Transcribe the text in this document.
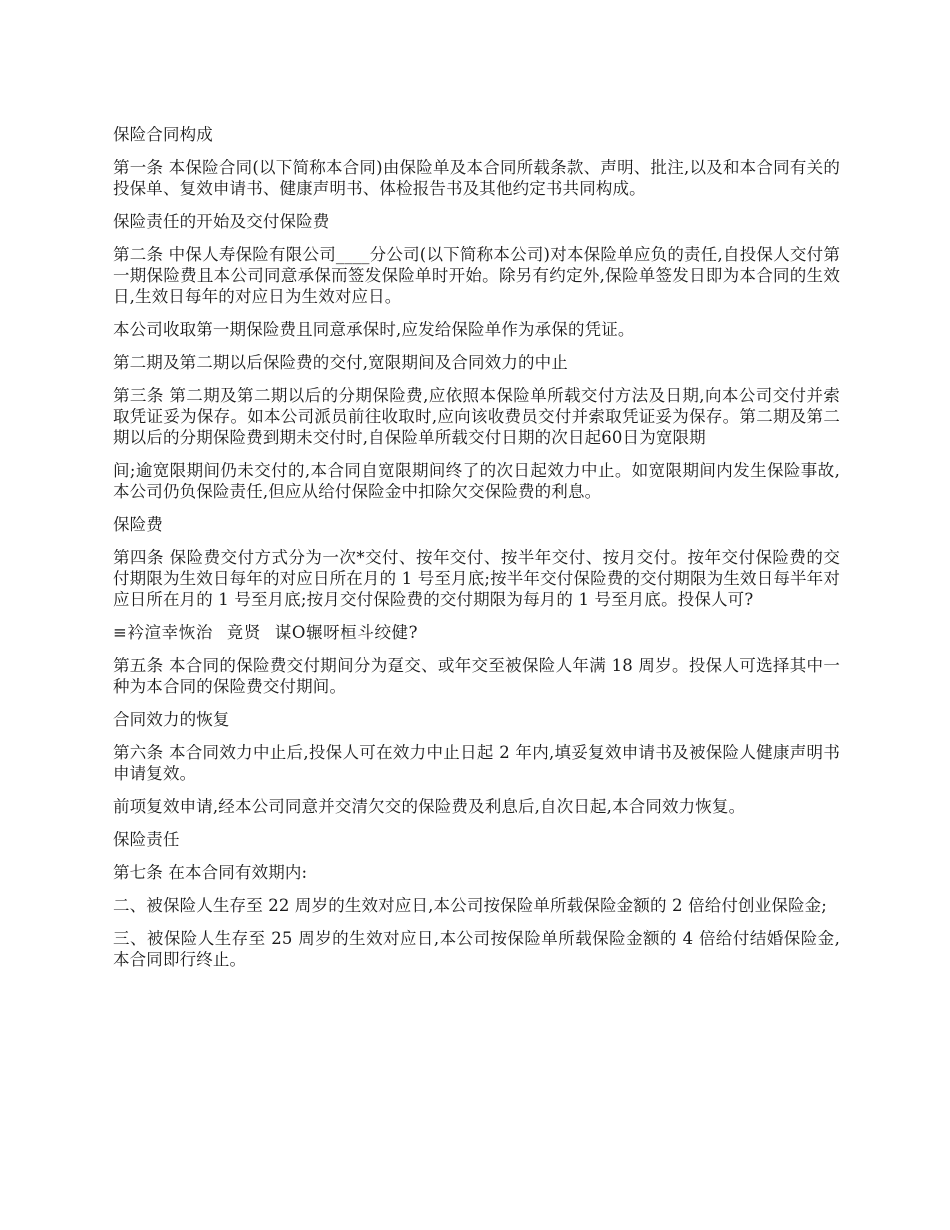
保险合同构成

第一条 本保险合同(以下简称本合同)由保险单及本合同所载条款、声明、批注,以及和本合同有关的投保单、复效申请书、健康声明书、体检报告书及其他约定书共同构成。

保险责任的开始及交付保险费

第二条 中保人寿保险有限公司____分公司(以下简称本公司)对本保险单应负的责任,自投保人交付第一期保险费且本公司同意承保而签发保险单时开始。除另有约定外,保险单签发日即为本合同的生效日,生效日每年的对应日为生效对应日。

本公司收取第一期保险费且同意承保时,应发给保险单作为承保的凭证。

第二期及第二期以后保险费的交付,宽限期间及合同效力的中止

第三条 第二期及第二期以后的分期保险费,应依照本保险单所载交付方法及日期,向本公司交付并索取凭证妥为保存。如本公司派员前往收取时,应向该收费员交付并索取凭证妥为保存。第二期及第二期以后的分期保险费到期未交付时,自保险单所载交付日期的次日起60日为宽限期

间;逾宽限期间仍未交付的,本合同自宽限期间终了的次日起效力中止。如宽限期间内发生保险事故,本公司仍负保险责任,但应从给付保险金中扣除欠交保险费的利息。

保险费

第四条 保险费交付方式分为一次*交付、按年交付、按半年交付、按月交付。按年交付保险费的交付期限为生效日每年的对应日所在月的 1 号至月底;按半年交付保险费的交付期限为生效日每半年对应日所在月的 1 号至月底;按月交付保险费的交付期限为每月的 1 号至月底。投保人可?

≡衿渲幸恢治 竟贤 谋O辗呀桓斗绞健?

第五条 本合同的保险费交付期间分为趸交、或年交至被保险人年满 18 周岁。投保人可选择其中一种为本合同的保险费交付期间。

合同效力的恢复

第六条 本合同效力中止后,投保人可在效力中止日起 2 年内,填妥复效申请书及被保险人健康声明书申请复效。

前项复效申请,经本公司同意并交清欠交的保险费及利息后,自次日起,本合同效力恢复。

保险责任

第七条 在本合同有效期内:

二、被保险人生存至 22 周岁的生效对应日,本公司按保险单所载保险金额的 2 倍给付创业保险金;

三、被保险人生存至 25 周岁的生效对应日,本公司按保险单所载保险金额的 4 倍给付结婚保险金,本合同即行终止。
